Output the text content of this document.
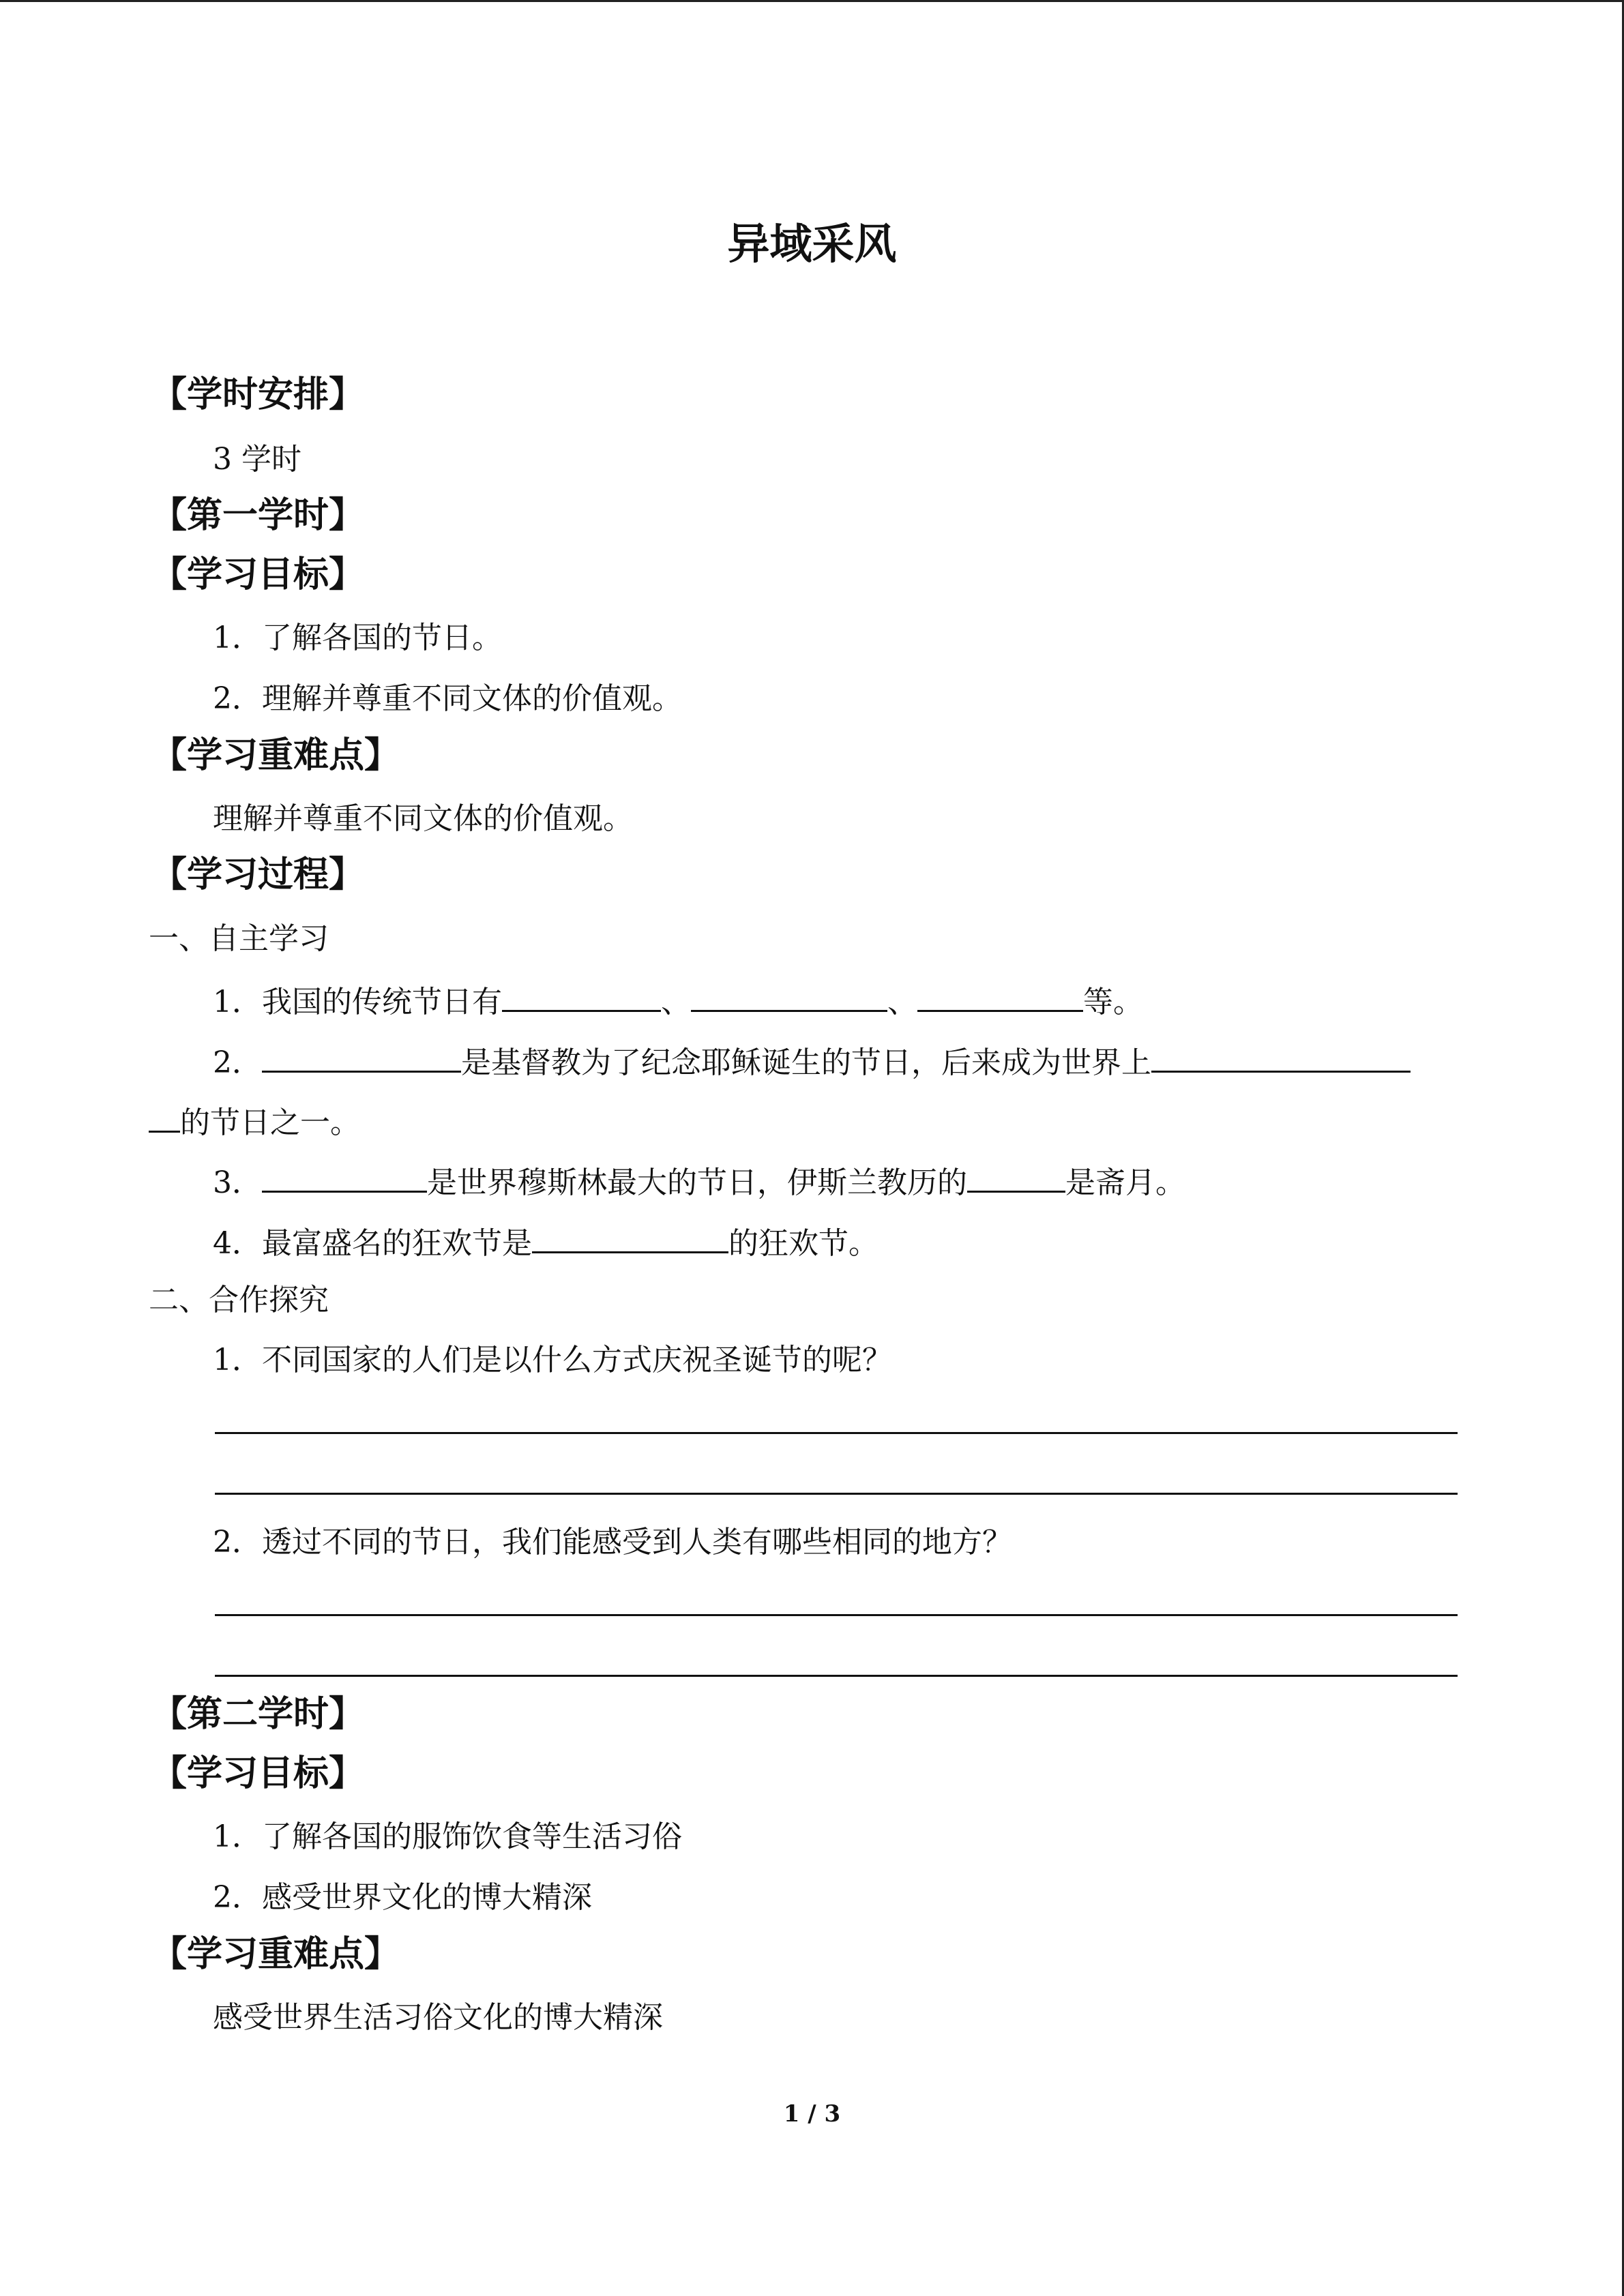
异域采风
【学时安排】
3 学时
【第一学时】
【学习目标】
1．了解各国的节日。
2．理解并尊重不同文体的价值观。
【学习重难点】
理解并尊重不同文体的价值观。
【学习过程】
一、自主学习
1．我国的传统节日有	、	、	等。
2．	是基督教为了纪念耶稣诞生的节日，后来成为世界上
的节日之一。
3．	是世界穆斯林最大的节日，伊斯兰教历的	是斋月。
4．最富盛名的狂欢节是	的狂欢节。
二、合作探究
1．不同国家的人们是以什么方式庆祝圣诞节的呢？
2．透过不同的节日，我们能感受到人类有哪些相同的地方？
【第二学时】
【学习目标】
1．了解各国的服饰饮食等生活习俗
2．感受世界文化的博大精深
【学习重难点】
感受世界生活习俗文化的博大精深
1 / 3
